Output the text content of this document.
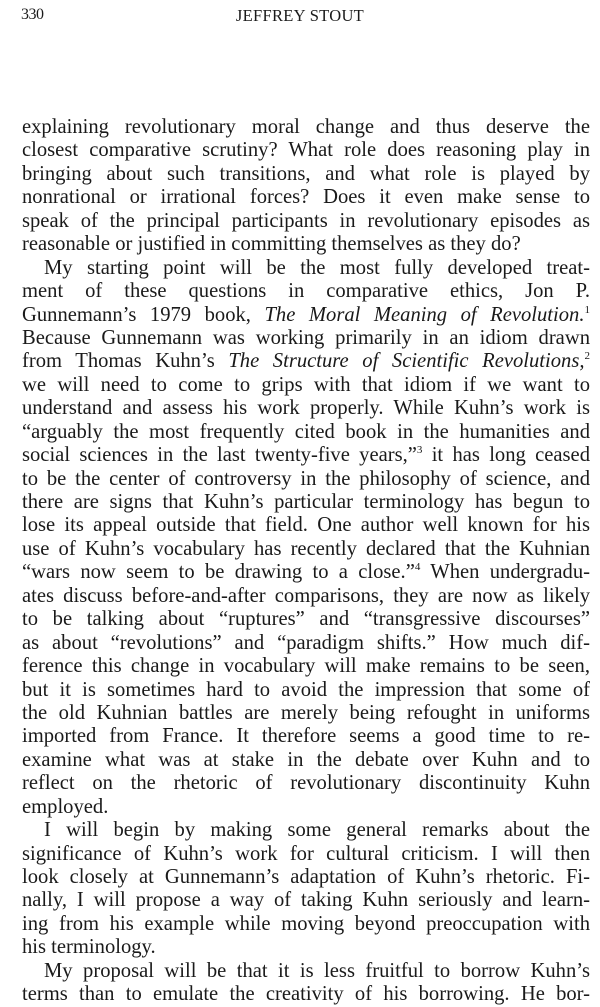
330	JEFFREY STOUT
explaining revolutionary moral change and thus deserve the
closest comparative scrutiny? What role does reasoning play in
bringing about such transitions, and what role is played by
nonrational or irrational forces? Does it even make sense to
speak of the principal participants in revolutionary episodes as
reasonable or justified in committing themselves as they do?
My starting point will be the most fully developed treat-
ment of these questions in comparative ethics, Jon P.
Gunnemann’s 1979 book, The Moral Meaning of Revolution.$^1$
Because Gunnemann was working primarily in an idiom drawn
from Thomas Kuhn’s The Structure of Scientific Revolutions,$^2$
we will need to come to grips with that idiom if we want to
understand and assess his work properly. While Kuhn’s work is
“arguably the most frequently cited book in the humanities and
social sciences in the last twenty-five years,”$^3$ it has long ceased
to be the center of controversy in the philosophy of science, and
there are signs that Kuhn’s particular terminology has begun to
lose its appeal outside that field. One author well known for his
use of Kuhn’s vocabulary has recently declared that the Kuhnian
“wars now seem to be drawing to a close.”$^4$ When undergradu-
ates discuss before-and-after comparisons, they are now as likely
to be talking about “ruptures” and “transgressive discourses”
as about “revolutions” and “paradigm shifts.” How much dif-
ference this change in vocabulary will make remains to be seen,
but it is sometimes hard to avoid the impression that some of
the old Kuhnian battles are merely being refought in uniforms
imported from France. It therefore seems a good time to re-
examine what was at stake in the debate over Kuhn and to
reflect on the rhetoric of revolutionary discontinuity Kuhn
employed.
I will begin by making some general remarks about the
significance of Kuhn’s work for cultural criticism. I will then
look closely at Gunnemann’s adaptation of Kuhn’s rhetoric. Fi-
nally, I will propose a way of taking Kuhn seriously and learn-
ing from his example while moving beyond preoccupation with
his terminology.
My proposal will be that it is less fruitful to borrow Kuhn’s
terms than to emulate the creativity of his borrowing. He bor-
